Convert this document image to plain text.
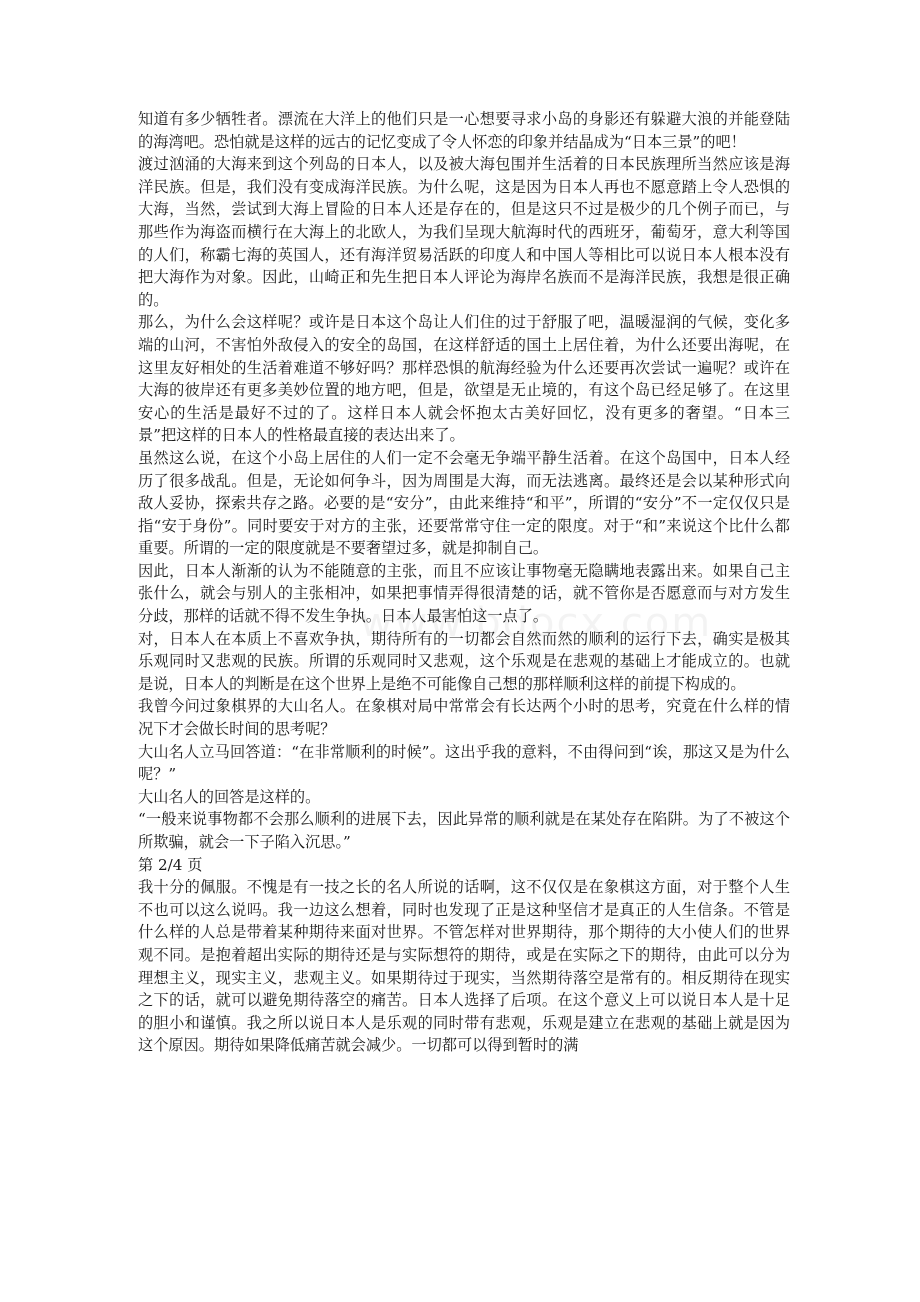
知道有多少牺牲者。漂流在大洋上的他们只是一心想要寻求小岛的身影还有躲避大浪的并能登陆的海湾吧。恐怕就是这样的远古的记忆变成了令人怀恋的印象并结晶成为“日本三景”的吧！

渡过汹涌的大海来到这个列岛的日本人，以及被大海包围并生活着的日本民族理所当然应该是海洋民族。但是，我们没有变成海洋民族。为什么呢，这是因为日本人再也不愿意踏上令人恐惧的大海，当然，尝试到大海上冒险的日本人还是存在的，但是这只不过是极少的几个例子而已，与那些作为海盗而横行在大海上的北欧人，为我们呈现大航海时代的西班牙，葡萄牙，意大利等国的人们，称霸七海的英国人，还有海洋贸易活跃的印度人和中国人等相比可以说日本人根本没有把大海作为对象。因此，山崎正和先生把日本人评论为海岸名族而不是海洋民族，我想是很正确的。

那么，为什么会这样呢？或许是日本这个岛让人们住的过于舒服了吧，温暖湿润的气候，变化多端的山河，不害怕外敌侵入的安全的岛国，在这样舒适的国土上居住着，为什么还要出海呢，在这里友好相处的生活着难道不够好吗？那样恐惧的航海经验为什么还要再次尝试一遍呢？或许在大海的彼岸还有更多美妙位置的地方吧，但是，欲望是无止境的，有这个岛已经足够了。在这里安心的生活是最好不过的了。这样日本人就会怀抱太古美好回忆，没有更多的奢望。“日本三景”把这样的日本人的性格最直接的表达出来了。

虽然这么说，在这个小岛上居住的人们一定不会毫无争端平静生活着。在这个岛国中，日本人经历了很多战乱。但是，无论如何争斗，因为周围是大海，而无法逃离。最终还是会以某种形式向敌人妥协，探索共存之路。必要的是“安分”，由此来维持“和平”，所谓的“安分”不一定仅仅只是指“安于身份”。同时要安于对方的主张，还要常常守住一定的限度。对于“和”来说这个比什么都重要。所谓的一定的限度就是不要奢望过多，就是抑制自己。

因此，日本人渐渐的认为不能随意的主张，而且不应该让事物毫无隐瞒地表露出来。如果自己主张什么，就会与别人的主张相冲，如果把事情弄得很清楚的话，就不管你是否愿意而与对方发生分歧，那样的话就不得不发生争执。日本人最害怕这一点了。

对，日本人在本质上不喜欢争执，期待所有的一切都会自然而然的顺利的运行下去，确实是极其乐观同时又悲观的民族。所谓的乐观同时又悲观，这个乐观是在悲观的基础上才能成立的。也就是说，日本人的判断是在这个世界上是绝不可能像自己想的那样顺利这样的前提下构成的。

我曾今问过象棋界的大山名人。在象棋对局中常常会有长达两个小时的思考，究竟在什么样的情况下才会做长时间的思考呢？

大山名人立马回答道：“在非常顺利的时候”。这出乎我的意料，不由得问到“诶，那这又是为什么呢？”

大山名人的回答是这样的。

“一般来说事物都不会那么顺利的进展下去，因此异常的顺利就是在某处存在陷阱。为了不被这个所欺骗，就会一下子陷入沉思。”

第 2/4 页

我十分的佩服。不愧是有一技之长的名人所说的话啊，这不仅仅是在象棋这方面，对于整个人生不也可以这么说吗。我一边这么想着，同时也发现了正是这种坚信才是真正的人生信条。不管是什么样的人总是带着某种期待来面对世界。不管怎样对世界期待，那个期待的大小使人们的世界观不同。是抱着超出实际的期待还是与实际想符的期待，或是在实际之下的期待，由此可以分为理想主义，现实主义，悲观主义。如果期待过于现实，当然期待落空是常有的。相反期待在现实之下的话，就可以避免期待落空的痛苦。日本人选择了后项。在这个意义上可以说日本人是十足的胆小和谨慎。我之所以说日本人是乐观的同时带有悲观，乐观是建立在悲观的基础上就是因为这个原因。期待如果降低痛苦就会减少。一切都可以得到暂时的满
